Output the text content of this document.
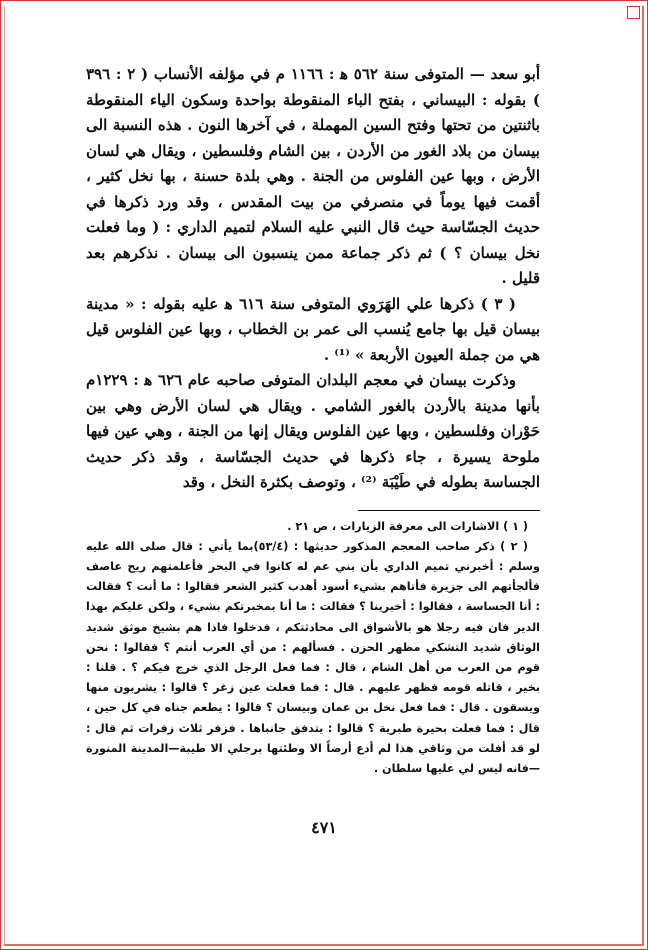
أبو سعد — المتوفى سنة ٥٦٢ ﻫ : ١١٦٦ م في مؤلفه الأنساب ( ٢ : ٣٩٦ ) بقوله : البيساني ، بفتح الباء المنقوطة بواحدة وسكون الياء المنقوطة باثنتين من تحتها وفتح السين المهملة ، في آخرها النون . هذه النسبة الى بيسان من بلاد الغور من الأردن ، بين الشام وفلسطين ، ويقال هي لسان الأرض ، وبها عين الفلوس من الجنة . وهي بلدة حسنة ، بها نخل كثير ، أقمت فيها يوماً في منصرفي من بيت المقدس ، وقد ورد ذكرها في حديث الجسّاسة حيث قال النبي عليه السلام لتميم الداري : ( وما فعلت نخل بيسان ؟ ) ثم ذكر جماعة ممن ينسبون الى بيسان . نذكرهم بعد قليل .

( ٣ ) ذكرها علي الهَرَوي المتوفى سنة ٦١٦ ﻫ عليه بقوله : « مدينة بيسان قيل بها جامع يُنسب الى عمر بن الخطاب ، وبها عين الفلوس قيل هي من جملة العيون الأربعة » ⁽¹⁾ .

وذكرت بيسان في معجم البلدان المتوفى صاحبه عام ٦٢٦ ﻫ : ١٢٢٩م بأنها مدينة بالأردن بالغور الشامي . ويقال هي لسان الأرض وهي بين حَوْران وفلسطين ، وبها عين الفلوس ويقال إنها من الجنة ، وهي عين فيها ملوحة يسيرة ، جاء ذكرها في حديث الجسّاسة ، وقد ذكر حديث الجساسة بطوله في طَيْبَة ⁽²⁾ ، وتوصف بكثرة النخل ، وقد

( ١ ) الاشارات الى معرفة الزيارات ، ص ٢١ .

( ٢ ) ذكر صاحب المعجم المذكور حديثها : (٥٣/٤)بما يأتي : قال صلى الله عليه وسلم : أخبرني تميم الداري بأن بني عم له كانوا في البحر فأعلمتهم ريح عاصف فألجأتهم الى جزيرة فأتاهم بشيء أسود أهدب كثير الشعر فقالوا : ما أنت ؟ فقالت : أنا الجساسة ، فقالوا : أخبرينا ؟ فقالت : ما أنا بمخبرتكم بشيء ، ولكن عليكم بهذا الدير فان فيه رجلا هو بالأشواق الى محادثتكم ، فدخلوا فاذا هم بشيخ موثق شديد الوثاق شديد التشكي مظهر الحزن . فسألهم : من أي العرب أنتم ؟ فقالوا : نحن قوم من العرب من أهل الشام ، قال : فما فعل الرجل الذي خرج فيكم ؟ . قلنا : بخير ، قاتله قومه فظهر عليهم . قال : فما فعلت عين زغر ؟ قالوا : يشربون منها ويسقون . قال : فما فعل نخل بن عمان وبيسان ؟ قالوا : يطعم جناه في كل حين ، قال : فما فعلت بحيرة طبرية ؟ قالوا : يتدفق جانباها . فزفر ثلاث زفرات ثم قال : لو قد أفلت من وثاقي هذا لم أدع أرضاً الا وطئتها برجلي الا طيبة—المدينة المنورة—فانه ليس لي عليها سلطان .

٤٧١
